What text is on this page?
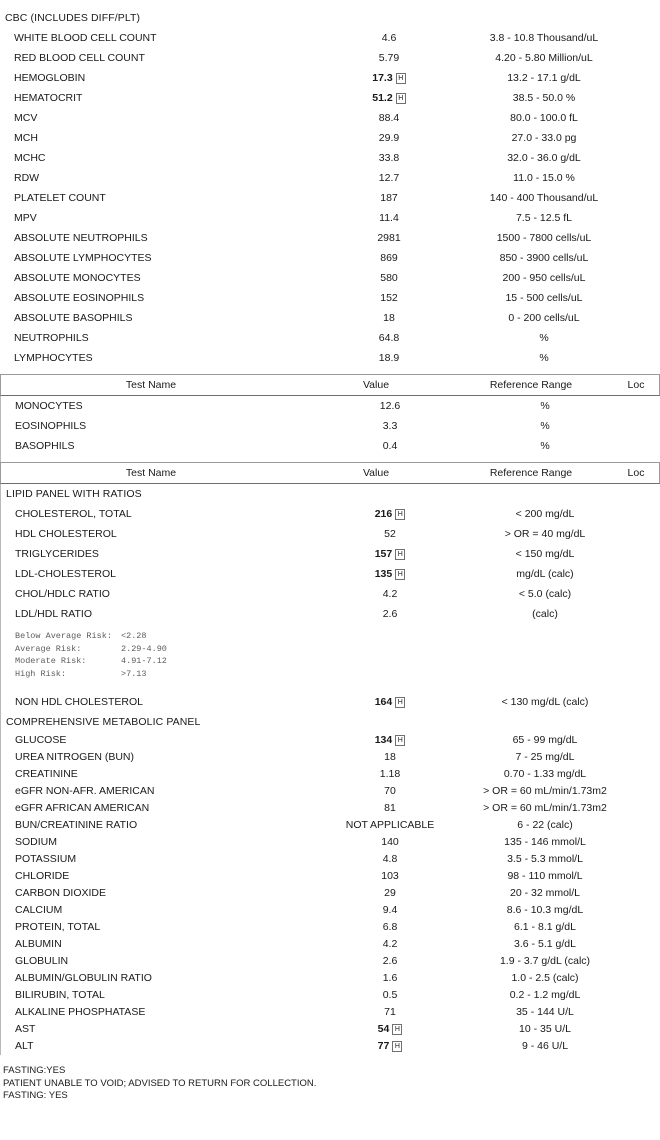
CBC (INCLUDES DIFF/PLT)
WHITE BLOOD CELL COUNT	4.6	3.8 - 10.8 Thousand/uL
RED BLOOD CELL COUNT	5.79	4.20 - 5.80 Million/uL
HEMOGLOBIN	17.3 H	13.2 - 17.1 g/dL
HEMATOCRIT	51.2 H	38.5 - 50.0 %
MCV	88.4	80.0 - 100.0 fL
MCH	29.9	27.0 - 33.0 pg
MCHC	33.8	32.0 - 36.0 g/dL
RDW	12.7	11.0 - 15.0 %
PLATELET COUNT	187	140 - 400 Thousand/uL
MPV	11.4	7.5 - 12.5 fL
ABSOLUTE NEUTROPHILS	2981	1500 - 7800 cells/uL
ABSOLUTE LYMPHOCYTES	869	850 - 3900 cells/uL
ABSOLUTE MONOCYTES	580	200 - 950 cells/uL
ABSOLUTE EOSINOPHILS	152	15 - 500 cells/uL
ABSOLUTE BASOPHILS	18	0 - 200 cells/uL
NEUTROPHILS	64.8	%
LYMPHOCYTES	18.9	%
Test Name	Value	Reference Range	Loc
MONOCYTES	12.6	%
EOSINOPHILS	3.3	%
BASOPHILS	0.4	%
Test Name	Value	Reference Range	Loc
LIPID PANEL WITH RATIOS
CHOLESTEROL, TOTAL	216 H	< 200 mg/dL
HDL CHOLESTEROL	52	> OR = 40 mg/dL
TRIGLYCERIDES	157 H	< 150 mg/dL
LDL-CHOLESTEROL	135 H	mg/dL (calc)
CHOL/HDLC RATIO	4.2	< 5.0 (calc)
LDL/HDL RATIO	2.6	(calc)
Below Average Risk:	<2.28
Average Risk:	2.29-4.90
Moderate Risk:	4.91-7.12
High Risk:	>7.13
NON HDL CHOLESTEROL	164 H	< 130 mg/dL (calc)
COMPREHENSIVE METABOLIC PANEL
GLUCOSE	134 H	65 - 99 mg/dL
UREA NITROGEN (BUN)	18	7 - 25 mg/dL
CREATININE	1.18	0.70 - 1.33 mg/dL
eGFR NON-AFR. AMERICAN	70	> OR = 60 mL/min/1.73m2
eGFR AFRICAN AMERICAN	81	> OR = 60 mL/min/1.73m2
BUN/CREATININE RATIO	NOT APPLICABLE	6 - 22 (calc)
SODIUM	140	135 - 146 mmol/L
POTASSIUM	4.8	3.5 - 5.3 mmol/L
CHLORIDE	103	98 - 110 mmol/L
CARBON DIOXIDE	29	20 - 32 mmol/L
CALCIUM	9.4	8.6 - 10.3 mg/dL
PROTEIN, TOTAL	6.8	6.1 - 8.1 g/dL
ALBUMIN	4.2	3.6 - 5.1 g/dL
GLOBULIN	2.6	1.9 - 3.7 g/dL (calc)
ALBUMIN/GLOBULIN RATIO	1.6	1.0 - 2.5 (calc)
BILIRUBIN, TOTAL	0.5	0.2 - 1.2 mg/dL
ALKALINE PHOSPHATASE	71	35 - 144 U/L
AST	54 H	10 - 35 U/L
ALT	77 H	9 - 46 U/L
FASTING:YES
PATIENT UNABLE TO VOID; ADVISED TO RETURN FOR COLLECTION.
FASTING: YES
